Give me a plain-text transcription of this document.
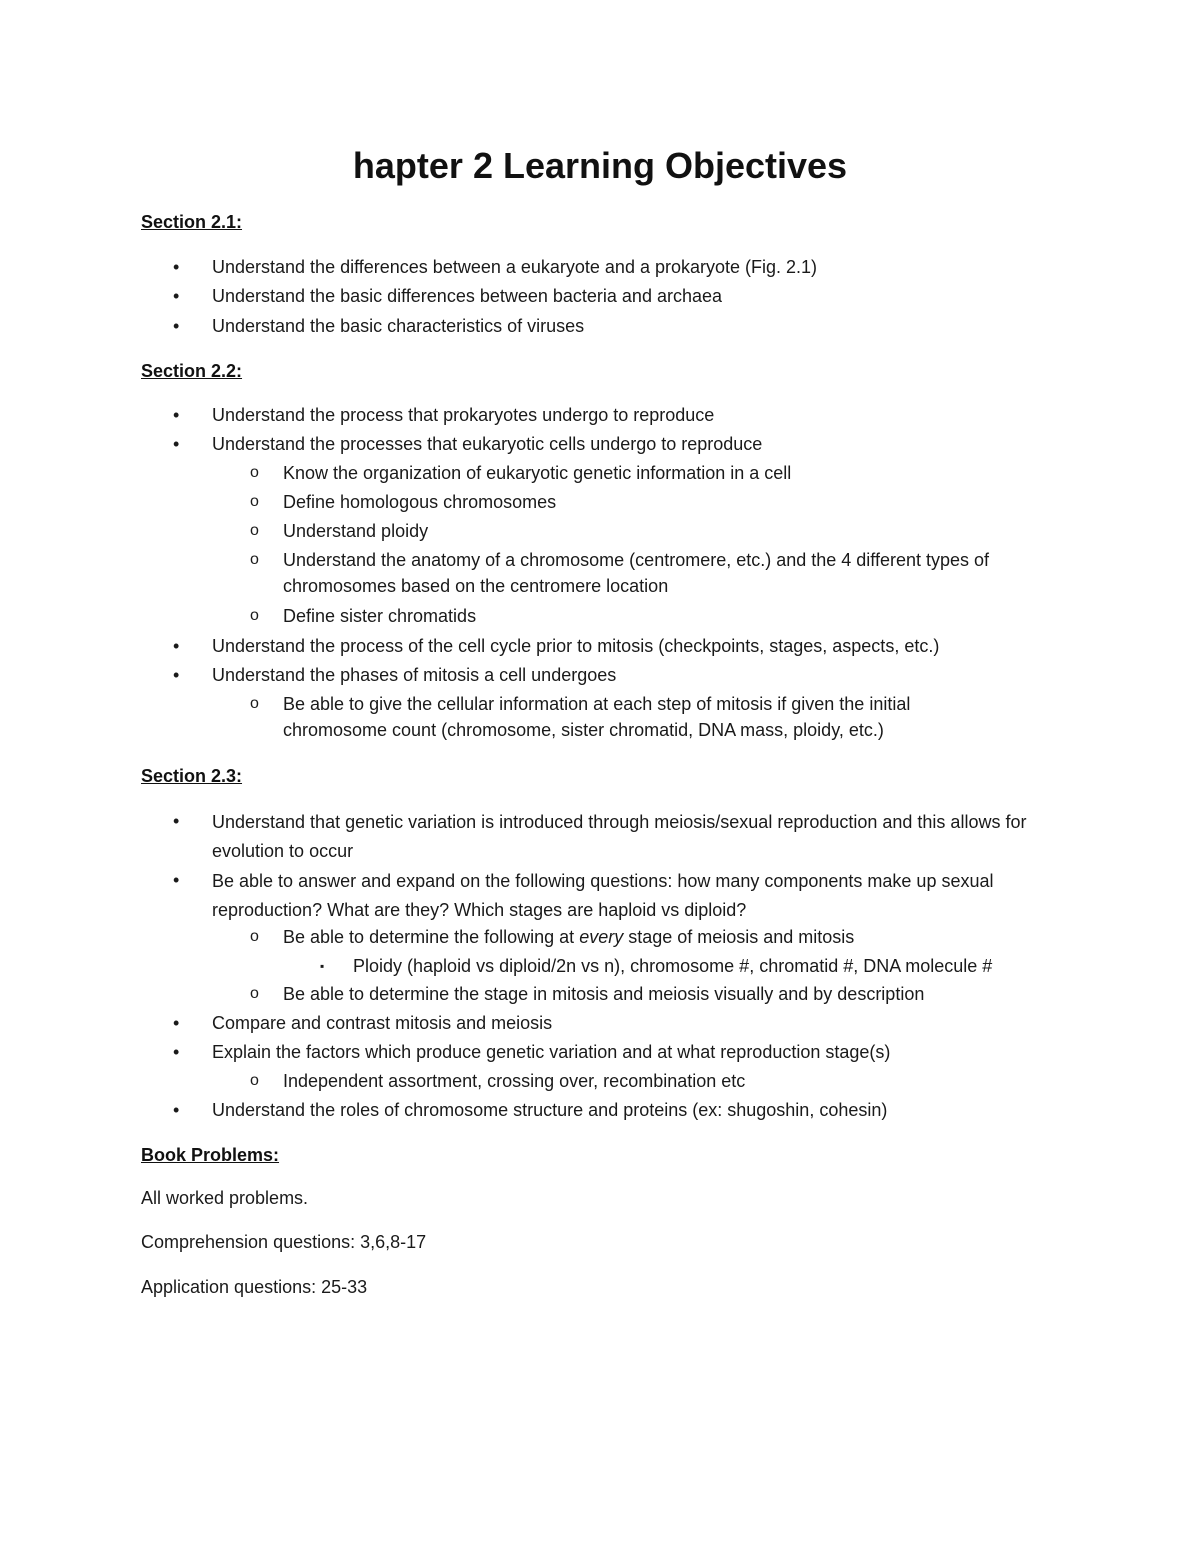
hapter 2 Learning Objectives
Section 2.1:
• Understand the differences between a eukaryote and a prokaryote (Fig. 2.1)
• Understand the basic differences between bacteria and archaea
• Understand the basic characteristics of viruses
Section 2.2:
• Understand the process that prokaryotes undergo to reproduce
• Understand the processes that eukaryotic cells undergo to reproduce
o Know the organization of eukaryotic genetic information in a cell
o Define homologous chromosomes
o Understand ploidy
o Understand the anatomy of a chromosome (centromere, etc.) and the 4 different types of chromosomes based on the centromere location
o Define sister chromatids
• Understand the process of the cell cycle prior to mitosis (checkpoints, stages, aspects, etc.)
• Understand the phases of mitosis a cell undergoes
o Be able to give the cellular information at each step of mitosis if given the initial chromosome count (chromosome, sister chromatid, DNA mass, ploidy, etc.)
Section 2.3:
• Understand that genetic variation is introduced through meiosis/sexual reproduction and this allows for evolution to occur
• Be able to answer and expand on the following questions: how many components make up sexual reproduction? What are they? Which stages are haploid vs diploid?
o Be able to determine the following at every stage of meiosis and mitosis
▪ Ploidy (haploid vs diploid/2n vs n), chromosome #, chromatid #, DNA molecule #
o Be able to determine the stage in mitosis and meiosis visually and by description
• Compare and contrast mitosis and meiosis
• Explain the factors which produce genetic variation and at what reproduction stage(s)
o Independent assortment, crossing over, recombination etc
• Understand the roles of chromosome structure and proteins (ex: shugoshin, cohesin)
Book Problems:
All worked problems.
Comprehension questions: 3,6,8-17
Application questions: 25-33
